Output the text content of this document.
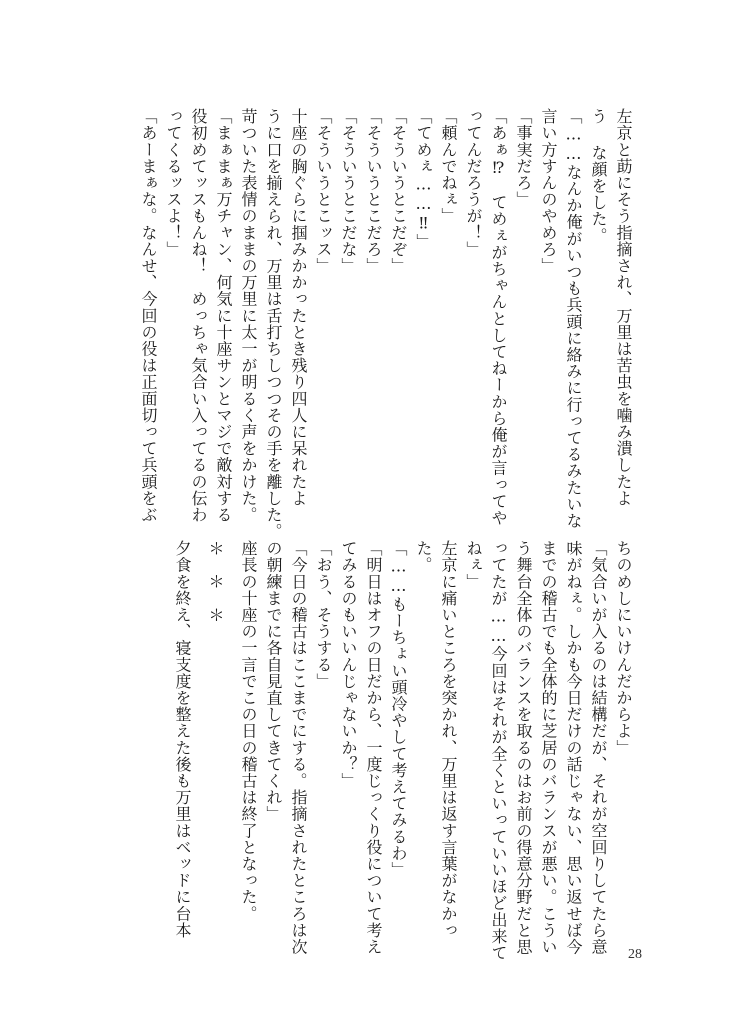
左京と莇にそう指摘され、万里は苦虫を噛み潰したよ

う な顔をした。

「……なんか俺がいつも兵頭に絡みに行ってるみたいな

言い方すんのやめろ」

「事実だろ」

「あぁ⁉　てめぇがちゃんとしてねーから俺が言ってや

ってんだろうが！」

「頼んでねぇ」

「てめぇ……‼」

「そういうとこだぞ」

「そういうとこだろ」

「そういうとこだな」

「そういうとこッス」

十座の胸ぐらに掴みかかったとき残り四人に呆れたよ

うに口を揃えられ、万里は舌打ちしつつその手を離した。

苛ついた表情のままの万里に太一が明るく声をかけた。

「まぁまぁ万チャン、何気に十座サンとマジで敵対する

役初めてッスもんね！　めっちゃ気合い入ってるの伝わ

ってくるッスよ！」

「あーまぁな。なんせ、今回の役は正面切って兵頭をぶ

ちのめしにいけんだからよ」

「気合いが入るのは結構だが、それが空回りしてたら意

味がねぇ。しかも今日だけの話じゃない、思い返せば今

までの稽古でも全体的に芝居のバランスが悪い。こうい

う舞台全体のバランスを取るのはお前の得意分野だと思

ってたが……今回はそれが全くといっていいほど出来て

ねぇ」

左京に痛いところを突かれ、万里は返す言葉がなかっ

た。

「……もーちょい頭冷やして考えてみるわ」

「明日はオフの日だから、一度じっくり役について考え

てみるのもいいんじゃないか？」

「おう、そうする」

「今日の稽古はここまでにする。指摘されたところは次

の朝練までに各自見直してきてくれ」

座長の十座の一言でこの日の稽古は終了となった。

＊　＊　＊

夕食を終え、寝支度を整えた後も万里はベッドに台本

28
